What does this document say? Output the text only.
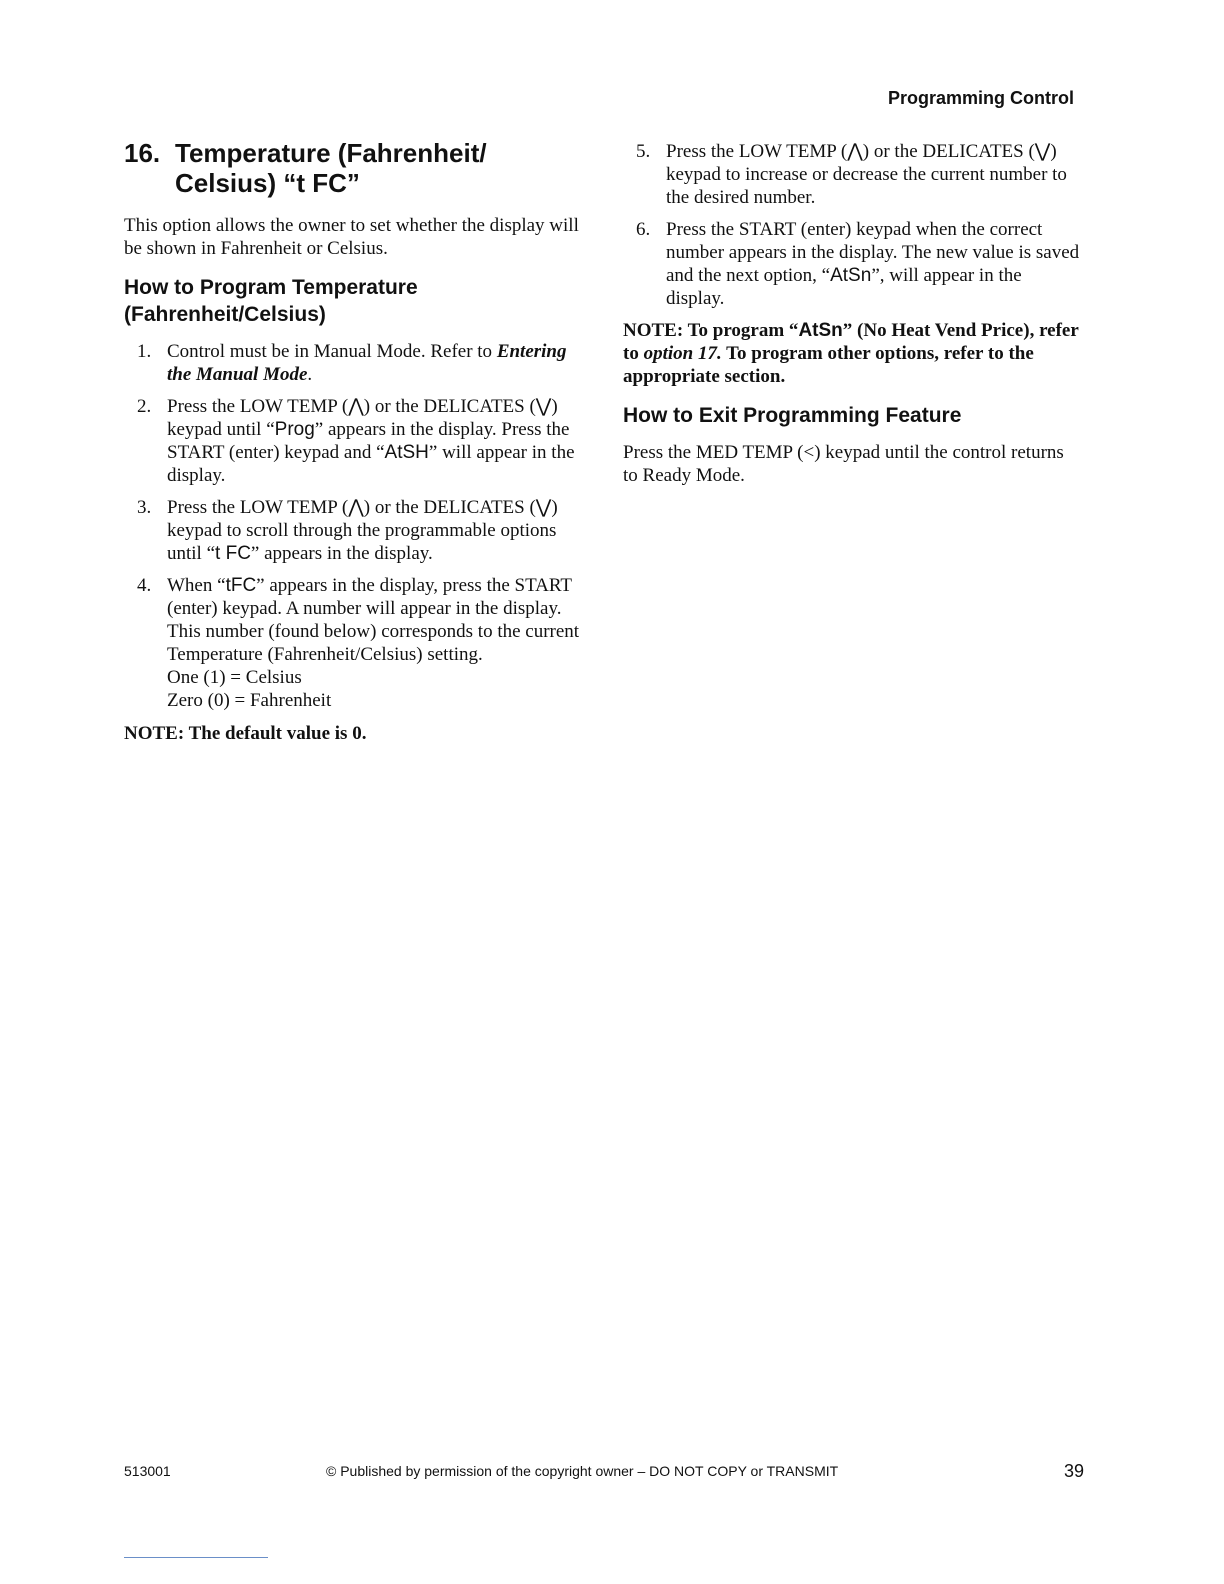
Programming Control
16. Temperature (Fahrenheit/ Celsius) “t FC”

This option allows the owner to set whether the display will be shown in Fahrenheit or Celsius.

How to Program Temperature (Fahrenheit/Celsius)
1. Control must be in Manual Mode. Refer to Entering the Manual Mode.
2. Press the LOW TEMP (⋀) or the DELICATES (⋁) keypad until “Prog” appears in the display. Press the START (enter) keypad and “AtSH” will appear in the display.
3. Press the LOW TEMP (⋀) or the DELICATES (⋁) keypad to scroll through the programmable options until “t FC” appears in the display.
4. When “tFC” appears in the display, press the START (enter) keypad. A number will appear in the display. This number (found below) corresponds to the current Temperature (Fahrenheit/Celsius) setting.
One (1) = Celsius
Zero (0) = Fahrenheit

NOTE: The default value is 0.

5. Press the LOW TEMP (⋀) or the DELICATES (⋁) keypad to increase or decrease the current number to the desired number.
6. Press the START (enter) keypad when the correct number appears in the display. The new value is saved and the next option, “AtSn”, will appear in the display.

NOTE: To program “AtSn” (No Heat Vend Price), refer to option 17. To program other options, refer to the appropriate section.

How to Exit Programming Feature

Press the MED TEMP (<) keypad until the control returns to Ready Mode.

513001	© Published by permission of the copyright owner – DO NOT COPY or TRANSMIT	39
